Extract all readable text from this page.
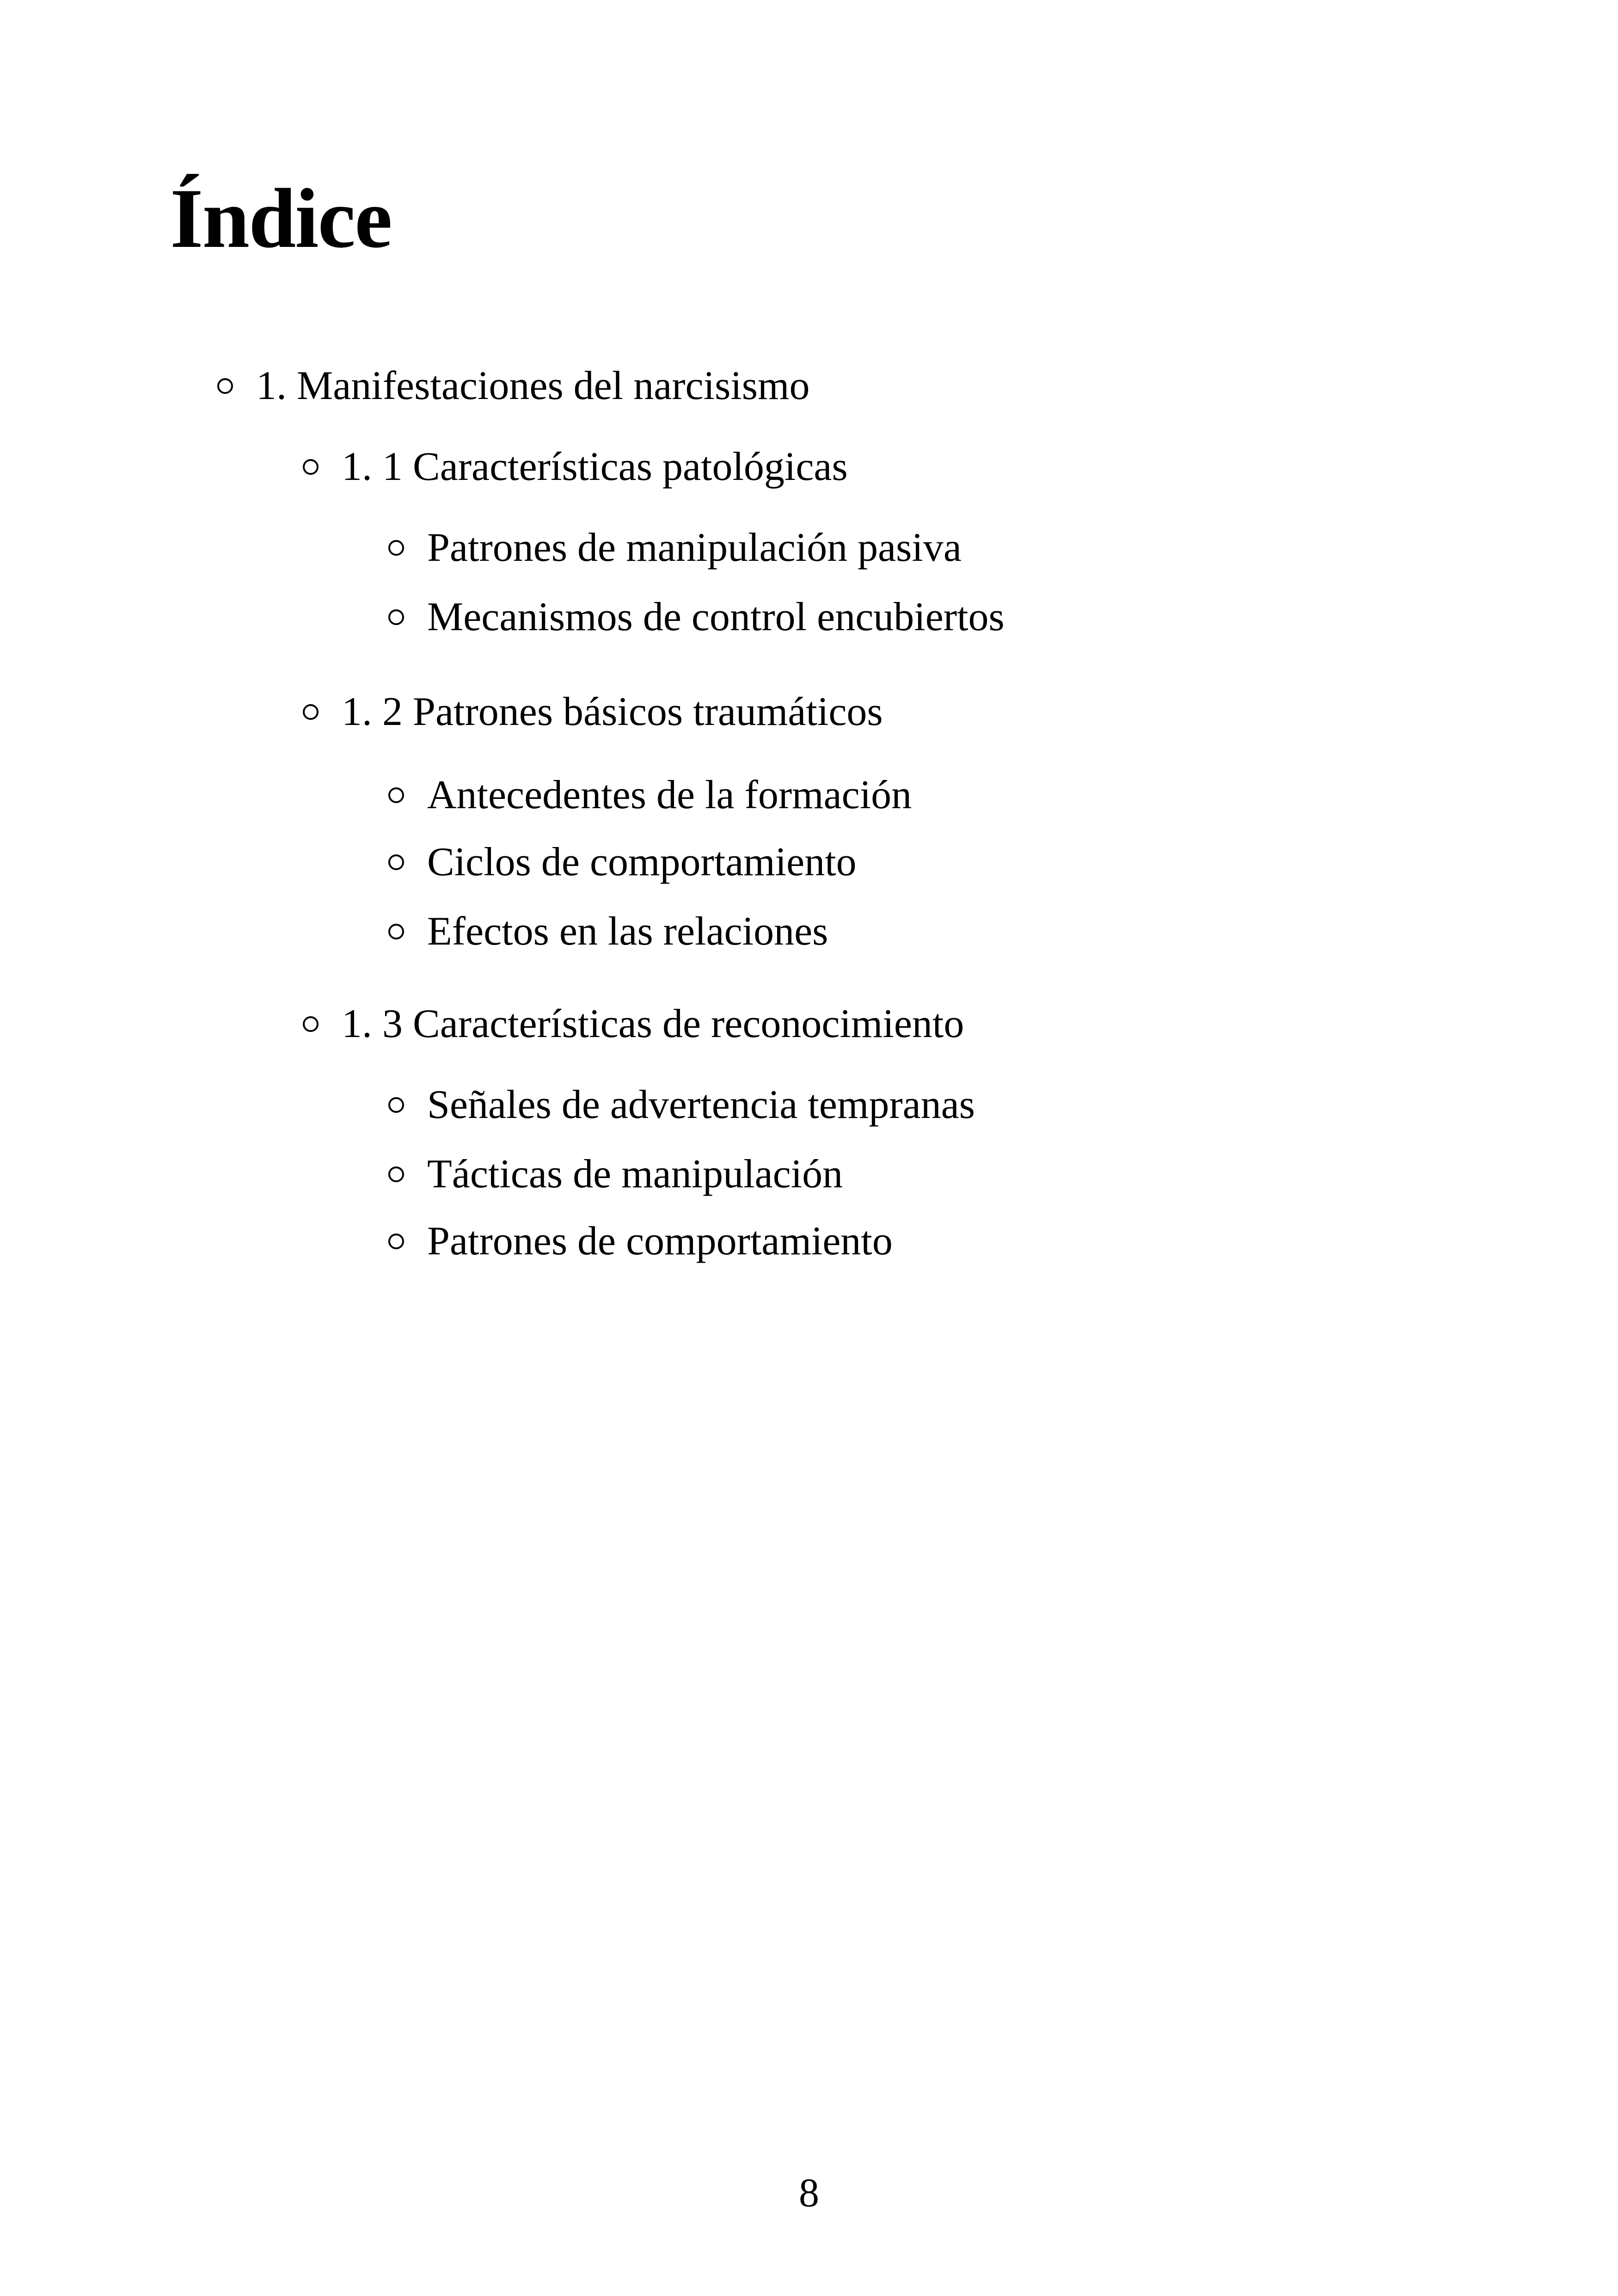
Índice
1. Manifestaciones del narcisismo
1. 1 Características patológicas
Patrones de manipulación pasiva
Mecanismos de control encubiertos
1. 2 Patrones básicos traumáticos
Antecedentes de la formación
Ciclos de comportamiento
Efectos en las relaciones
1. 3 Características de reconocimiento
Señales de advertencia tempranas
Tácticas de manipulación
Patrones de comportamiento
8
